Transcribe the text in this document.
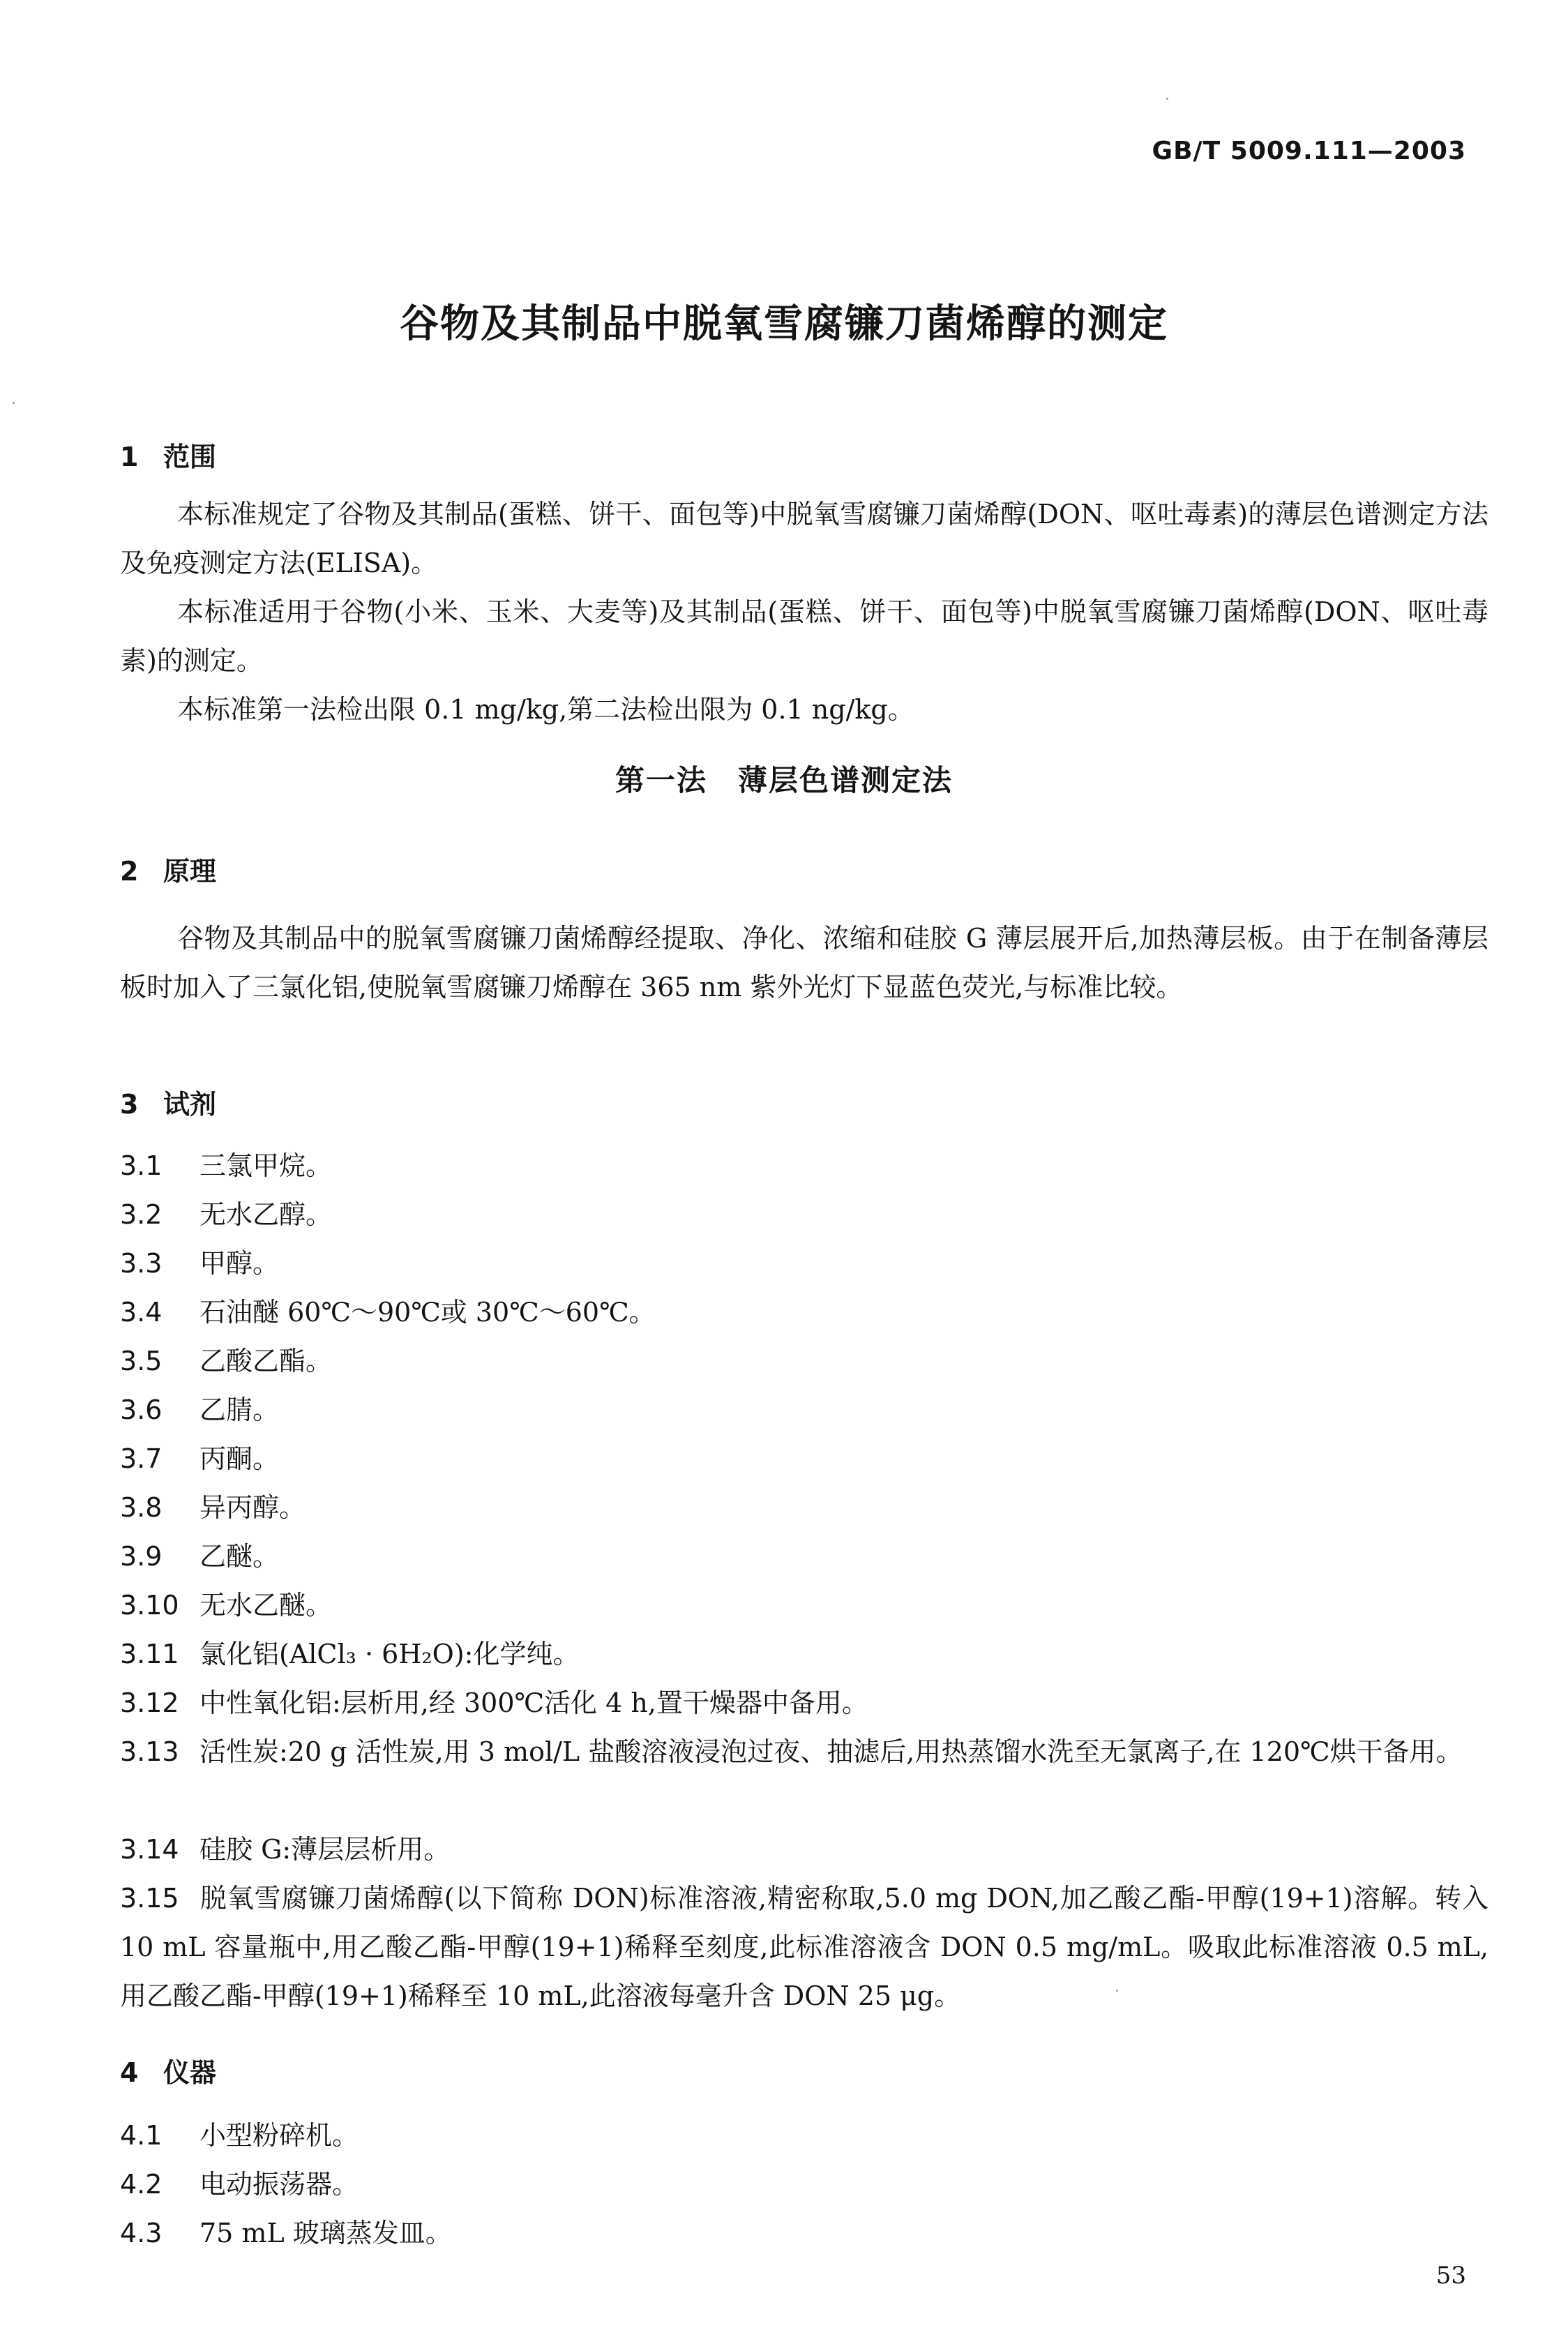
GB/T 5009.111—2003
谷物及其制品中脱氧雪腐镰刀菌烯醇的测定
1 范围
本标准规定了谷物及其制品(蛋糕、饼干、面包等)中脱氧雪腐镰刀菌烯醇(DON、呕吐毒素)的薄层色谱测定方法及免疫测定方法(ELISA)。
本标准适用于谷物(小米、玉米、大麦等)及其制品(蛋糕、饼干、面包等)中脱氧雪腐镰刀菌烯醇(DON、呕吐毒素)的测定。
本标准第一法检出限 0.1 mg/kg,第二法检出限为 0.1 ng/kg。
第一法　薄层色谱测定法
2 原理
谷物及其制品中的脱氧雪腐镰刀菌烯醇经提取、净化、浓缩和硅胶 G 薄层展开后,加热薄层板。由于在制备薄层板时加入了三氯化铝,使脱氧雪腐镰刀烯醇在 365 nm 紫外光灯下显蓝色荧光,与标准比较。
3 试剂
3.1 三氯甲烷。
3.2 无水乙醇。
3.3 甲醇。
3.4 石油醚 60℃～90℃或 30℃～60℃。
3.5 乙酸乙酯。
3.6 乙腈。
3.7 丙酮。
3.8 异丙醇。
3.9 乙醚。
3.10 无水乙醚。
3.11 氯化铝(AlCl₃ · 6H₂O):化学纯。
3.12 中性氧化铝:层析用,经 300℃活化 4 h,置干燥器中备用。
3.13 活性炭:20 g 活性炭,用 3 mol/L 盐酸溶液浸泡过夜、抽滤后,用热蒸馏水洗至无氯离子,在 120℃烘干备用。
3.14 硅胶 G:薄层层析用。
3.15 脱氧雪腐镰刀菌烯醇(以下简称 DON)标准溶液,精密称取,5.0 mg DON,加乙酸乙酯-甲醇(19+1)溶解。转入 10 mL 容量瓶中,用乙酸乙酯-甲醇(19+1)稀释至刻度,此标准溶液含 DON 0.5 mg/mL。吸取此标准溶液 0.5 mL,用乙酸乙酯-甲醇(19+1)稀释至 10 mL,此溶液每毫升含 DON 25 μg。
4 仪器
4.1 小型粉碎机。
4.2 电动振荡器。
4.3 75 mL 玻璃蒸发皿。
53
